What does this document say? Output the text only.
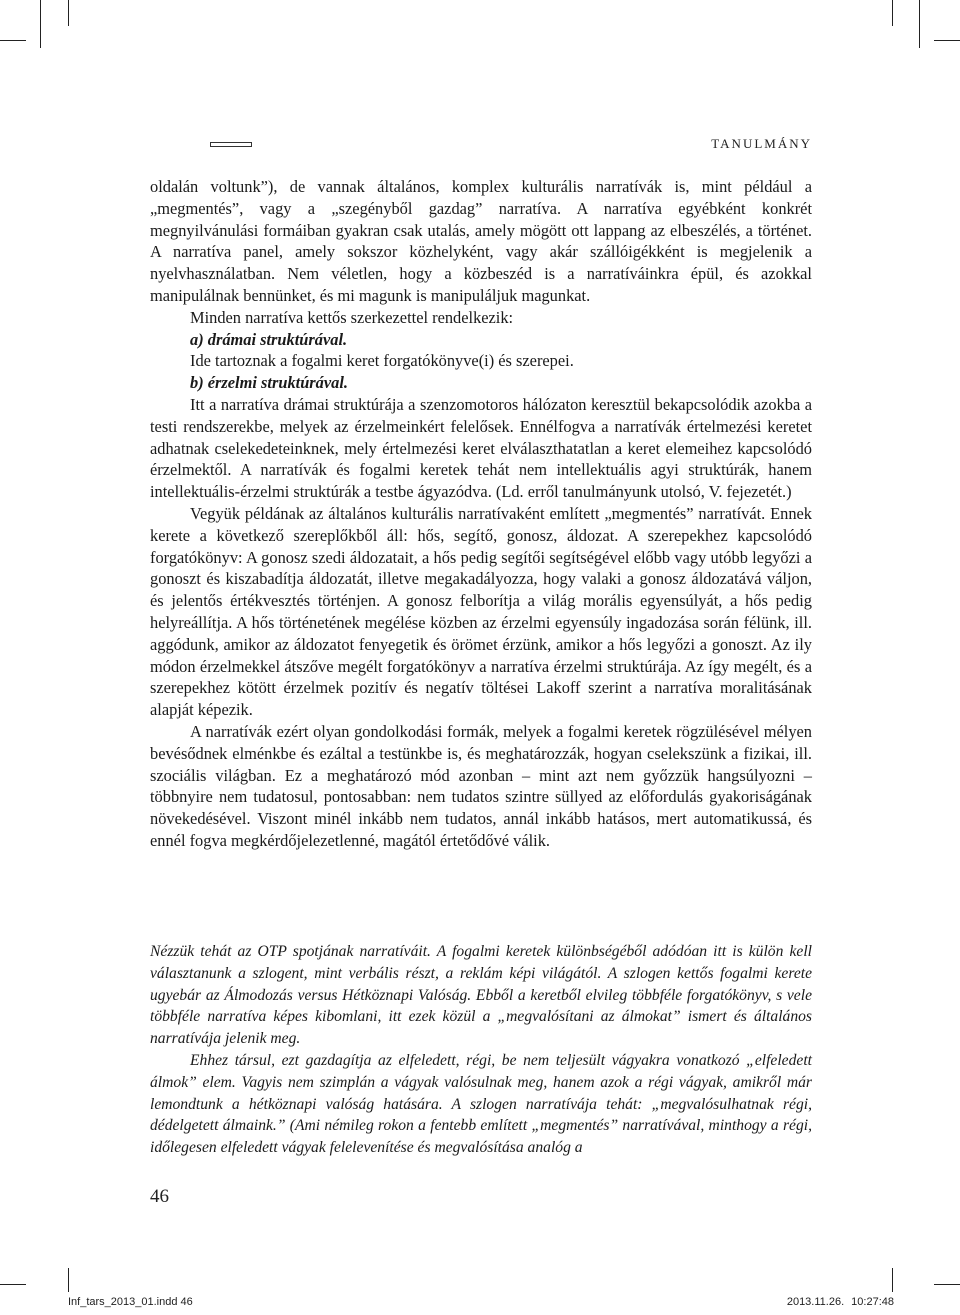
TANULMÁNY

oldalán voltunk”), de vannak általános, komplex kulturális narratívák is, mint például a „megmentés”, vagy a „szegényből gazdag” narratíva. A narratíva egyébként konkrét megnyilvánulási formáiban gyakran csak utalás, amely mögött ott lappang az elbeszélés, a történet. A narratíva panel, amely sokszor közhelyként, vagy akár szállóigékként is megjelenik a nyelvhasználatban. Nem véletlen, hogy a közbeszéd is a narratíváinkra épül, és azokkal manipulálnak bennünket, és mi magunk is manipuláljuk magunkat.

Minden narratíva kettős szerkezettel rendelkezik:

a) drámai struktúrával.

Ide tartoznak a fogalmi keret forgatókönyve(i) és szerepei.

b) érzelmi struktúrával.

Itt a narratíva drámai struktúrája a szenzomotoros hálózaton keresztül bekapcsolódik azokba a testi rendszerekbe, melyek az érzelmeinkért felelősek. Ennélfogva a narratívák értelmezési keretet adhatnak cselekedeteinknek, mely értelmezési keret elválaszthatatlan a keret elemeihez kapcsolódó érzelmektől. A narratívák és fogalmi keretek tehát nem intellektuális agyi struktúrák, hanem intellektuális-érzelmi struktúrák a testbe ágyazódva. (Ld. erről tanulmányunk utolsó, V. fejezetét.)

Vegyük példának az általános kulturális narratívaként említett „megmentés” narratívát. Ennek kerete a következő szereplőkből áll: hős, segítő, gonosz, áldozat. A szerepekhez kapcsolódó forgatókönyv: A gonosz szedi áldozatait, a hős pedig segítői segítségével előbb vagy utóbb legyőzi a gonoszt és kiszabadítja áldozatát, illetve megakadályozza, hogy valaki a gonosz áldozatává váljon, és jelentős értékvesztés történjen. A gonosz felborítja a világ morális egyensúlyát, a hős pedig helyreállítja. A hős történetének megélése közben az érzelmi egyensúly ingadozása során félünk, ill. aggódunk, amikor az áldozatot fenyegetik és örömet érzünk, amikor a hős legyőzi a gonoszt. Az ily módon érzelmekkel átszőve megélt forgatókönyv a narratíva érzelmi struktúrája. Az így megélt, és a szerepekhez kötött érzelmek pozitív és negatív töltései Lakoff szerint a narratíva moralitásának alapját képezik.

A narratívák ezért olyan gondolkodási formák, melyek a fogalmi keretek rögzülésével mélyen bevésődnek elménkbe és ezáltal a testünkbe is, és meghatározzák, hogyan cselekszünk a fizikai, ill. szociális világban. Ez a meghatározó mód azonban – mint azt nem győzzük hangsúlyozni – többnyire nem tudatosul, pontosabban: nem tudatos szintre süllyed az előfordulás gyakoriságának növekedésével. Viszont minél inkább nem tudatos, annál inkább hatásos, mert automatikussá, és ennél fogva megkérdőjelezetlenné, magától értetődővé válik.

Nézzük tehát az OTP spotjának narratíváit. A fogalmi keretek különbségéből adódóan itt is külön kell választanunk a szlogent, mint verbális részt, a reklám képi világától. A szlogen kettős fogalmi kerete ugyebár az Álmodozás versus Hétköznapi Valóság. Ebből a keretből elvileg többféle forgatókönyv, s vele többféle narratíva képes kibomlani, itt ezek közül a „megvalósítani az álmokat” ismert és általános narratívája jelenik meg.

Ehhez társul, ezt gazdagítja az elfeledett, régi, be nem teljesült vágyakra vonatkozó „elfeledett álmok” elem. Vagyis nem szimplán a vágyak valósulnak meg, hanem azok a régi vágyak, amikről már lemondtunk a hétköznapi valóság hatására. A szlogen narratívája tehát: „megvalósulhatnak régi, dédelgetett álmaink.” (Ami némileg rokon a fentebb említett „megmentés” narratívával, minthogy a régi, időlegesen elfeledett vágyak felelevenítése és megvalósítása analóg a

46
Inf_tars_2013_01.indd 46	2013.11.26. 10:27:48
